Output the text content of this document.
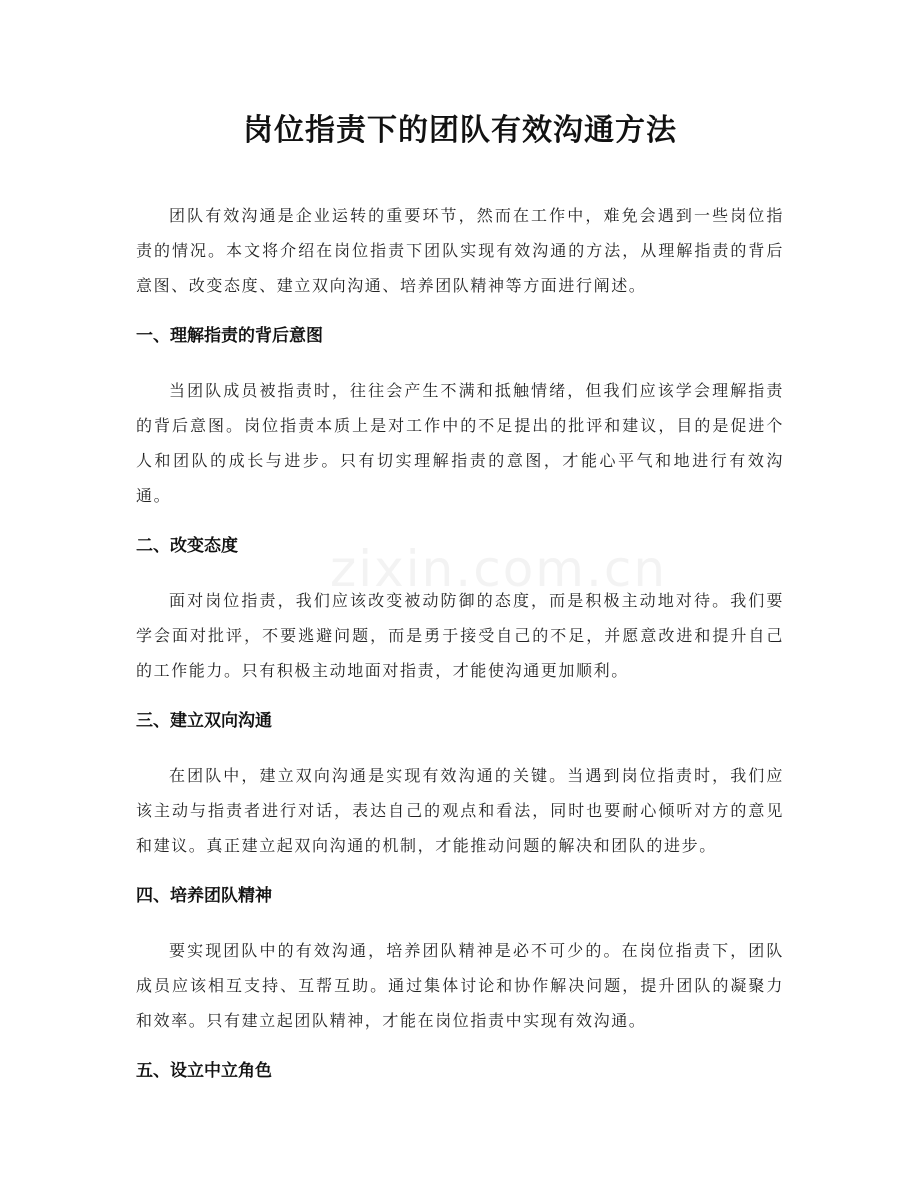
岗位指责下的团队有效沟通方法

团队有效沟通是企业运转的重要环节，然而在工作中，难免会遇到一些岗位指责的情况。本文将介绍在岗位指责下团队实现有效沟通的方法，从理解指责的背后意图、改变态度、建立双向沟通、培养团队精神等方面进行阐述。

一、理解指责的背后意图

当团队成员被指责时，往往会产生不满和抵触情绪，但我们应该学会理解指责的背后意图。岗位指责本质上是对工作中的不足提出的批评和建议，目的是促进个人和团队的成长与进步。只有切实理解指责的意图，才能心平气和地进行有效沟通。

二、改变态度

面对岗位指责，我们应该改变被动防御的态度，而是积极主动地对待。我们要学会面对批评，不要逃避问题，而是勇于接受自己的不足，并愿意改进和提升自己的工作能力。只有积极主动地面对指责，才能使沟通更加顺利。

三、建立双向沟通

在团队中，建立双向沟通是实现有效沟通的关键。当遇到岗位指责时，我们应该主动与指责者进行对话，表达自己的观点和看法，同时也要耐心倾听对方的意见和建议。真正建立起双向沟通的机制，才能推动问题的解决和团队的进步。

四、培养团队精神

要实现团队中的有效沟通，培养团队精神是必不可少的。在岗位指责下，团队成员应该相互支持、互帮互助。通过集体讨论和协作解决问题，提升团队的凝聚力和效率。只有建立起团队精神，才能在岗位指责中实现有效沟通。

五、设立中立角色
zixin.com.cn
